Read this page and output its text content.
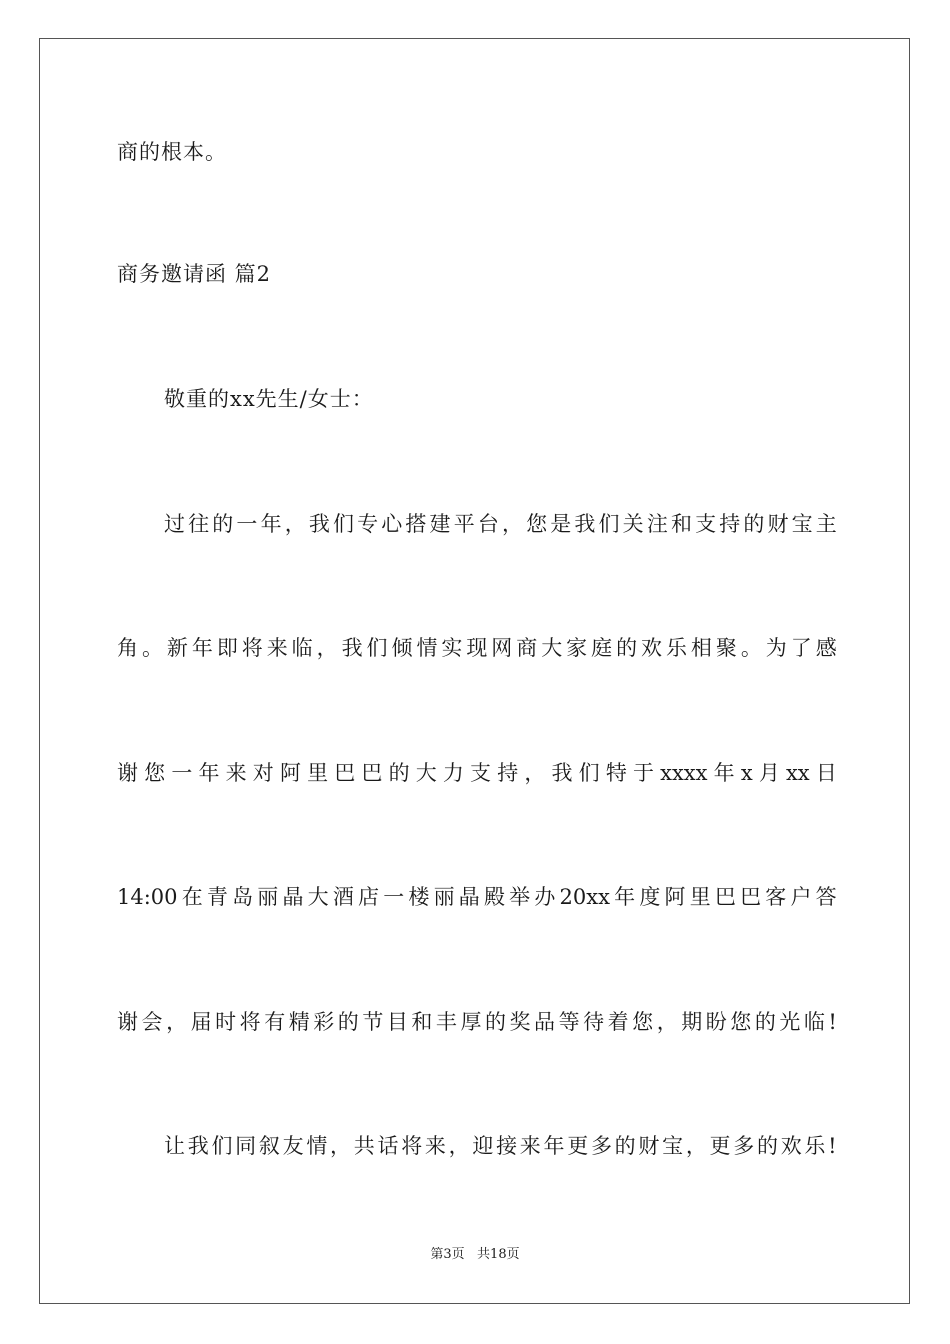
商的根本。
商务邀请函 篇2
敬重的xx先生/女士：
过 往 的 一 年 ， 我 们 专 心 搭 建 平 台 ， 您 是 我 们 关 注 和 支 持 的 财 宝 主
角 。 新 年 即 将 来 临 ， 我 们 倾 情 实 现 网 商 大 家 庭 的 欢 乐 相 聚 。 为 了 感
谢 您 一 年 来 对 阿 里 巴 巴 的 大 力 支 持 ， 我 们 特 于 xxxx 年 x 月 xx 日
14:00 在 青 岛 丽 晶 大 酒 店 一 楼 丽 晶 殿 举 办 20xx 年 度 阿 里 巴 巴 客 户 答
谢 会 ， 届 时 将 有 精 彩 的 节 目 和 丰 厚 的 奖 品 等 待 着 您 ， 期 盼 您 的 光 临 !
让 我 们 同 叙 友 情 ， 共 话 将 来 ， 迎 接 来 年 更 多 的 财 宝 ， 更 多 的 欢 乐 !
第3页   共18页
